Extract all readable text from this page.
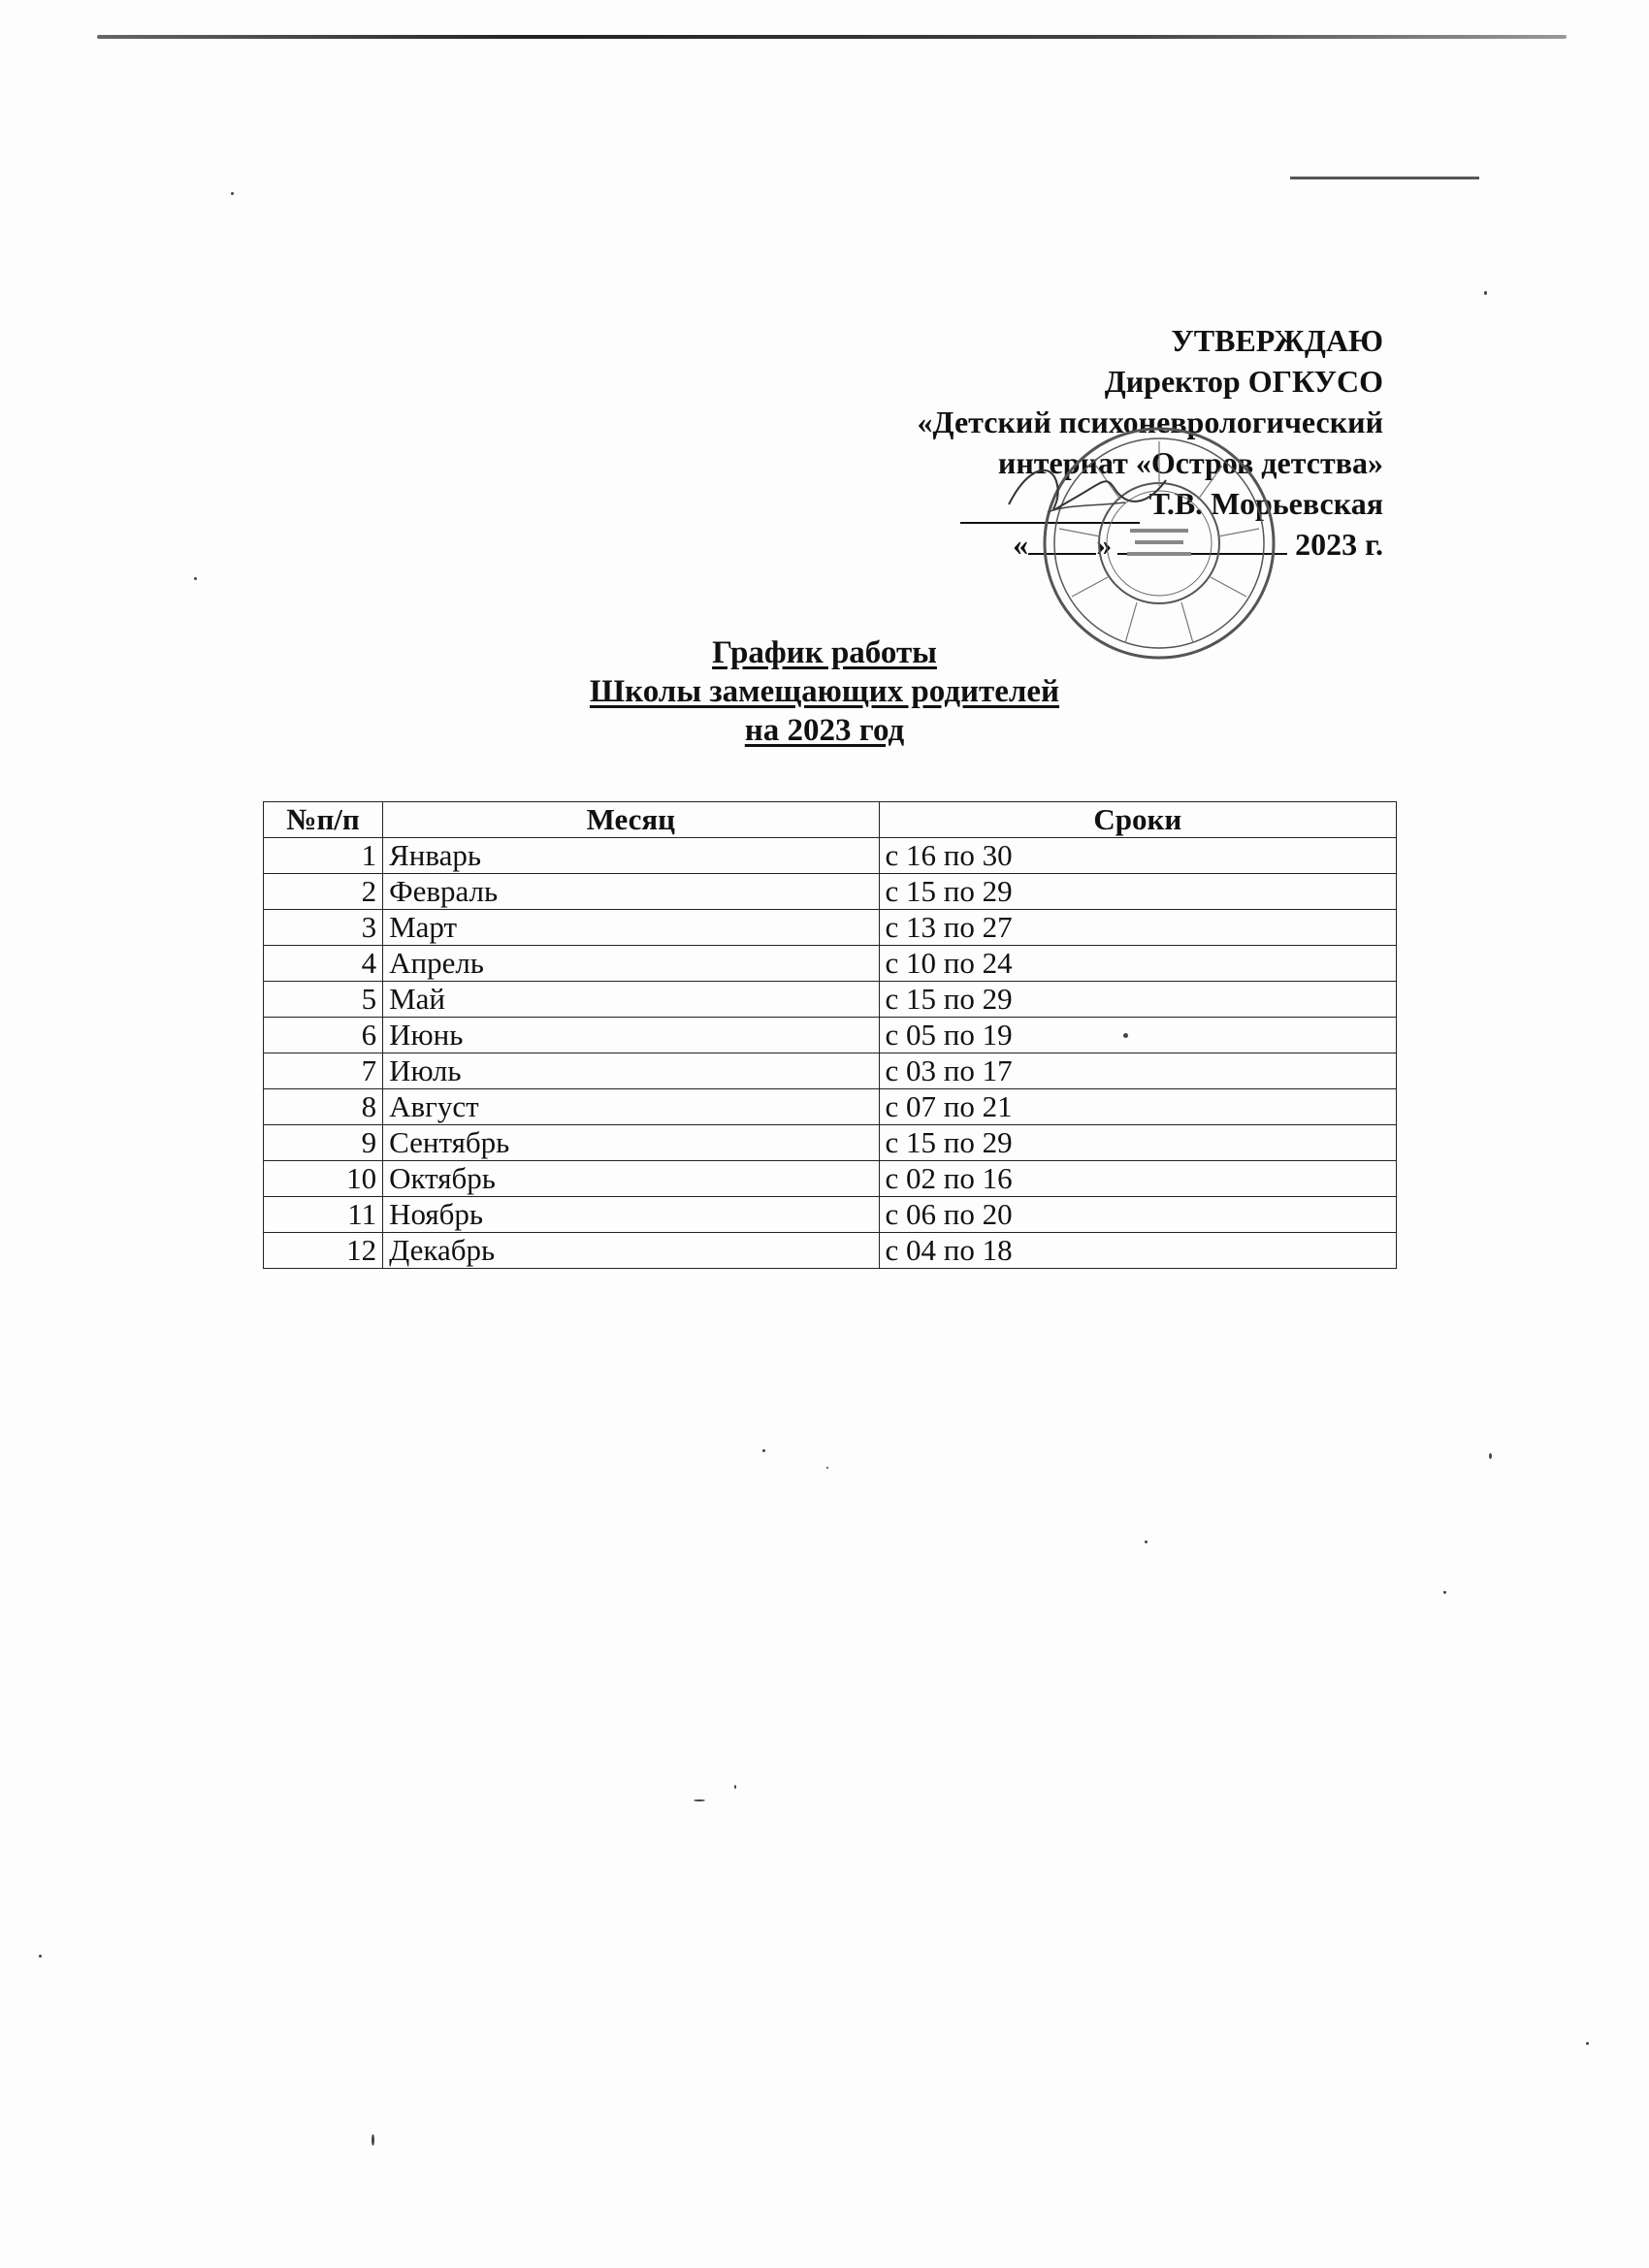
УТВЕРЖДАЮ
Директор ОГКУСО
«Детский психоневрологический
интернат «Остров детства»
Т.В. Морьевская
« »	2023 г.
График работы
Школы замещающих родителей
на 2023 год
№п/п	Месяц	Сроки
1	Январь	с 16 по 30
2	Февраль	с 15 по 29
3	Март	с 13 по 27
4	Апрель	с 10 по 24
5	Май	с 15 по 29
6	Июнь	с 05 по 19
7	Июль	с 03 по 17
8	Август	с 07 по 21
9	Сентябрь	с 15 по 29
10	Октябрь	с 02 по 16
11	Ноябрь	с 06 по 20
12	Декабрь	с 04 по 18
